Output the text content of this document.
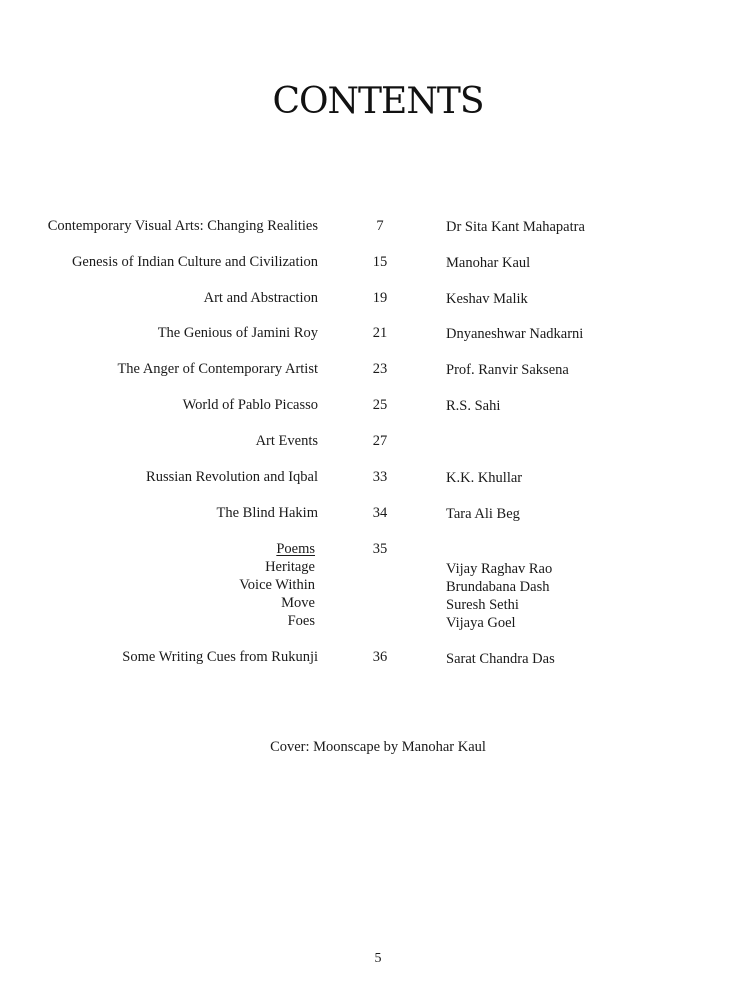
CONTENTS
Contemporary Visual Arts: Changing Realities	7	Dr Sita Kant Mahapatra
Genesis of Indian Culture and Civilization	15	Manohar Kaul
Art and Abstraction	19	Keshav Malik
The Genious of Jamini Roy	21	Dnyaneshwar Nadkarni
The Anger of Contemporary Artist	23	Prof. Ranvir Saksena
World of Pablo Picasso	25	R.S. Sahi
Art Events	27
Russian Revolution and Iqbal	33	K.K. Khullar
The Blind Hakim	34	Tara Ali Beg
Poems	35
Heritage	Vijay Raghav Rao
Voice Within	Brundabana Dash
Move	Suresh Sethi
Foes	Vijaya Goel
Some Writing Cues from Rukunji	36	Sarat Chandra Das
Cover: Moonscape by Manohar Kaul
5
